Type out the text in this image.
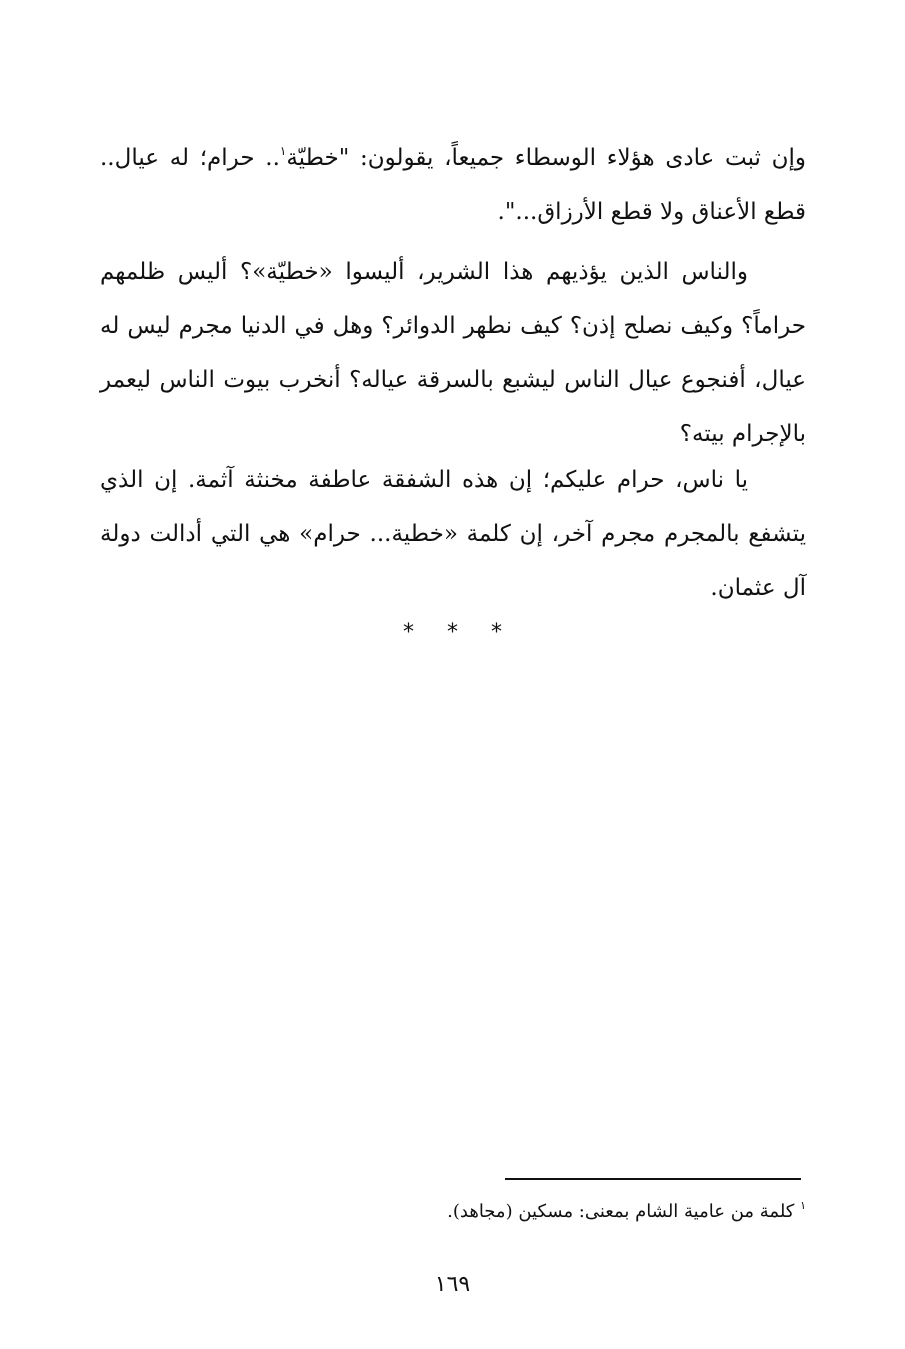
وإن ثبت عادى هؤلاء الوسطاء جميعاً، يقولون: "خطيّة$^١$.. حرام؛ له عيال.. قطع الأعناق ولا قطع الأرزاق...".

والناس الذين يؤذيهم هذا الشرير، أليسوا «خطيّة»؟ أليس ظلمهم حراماً؟ وكيف نصلح إذن؟ كيف نطهر الدوائر؟ وهل في الدنيا مجرم ليس له عيال، أفنجوع عيال الناس ليشبع بالسرقة عياله؟ أنخرب بيوت الناس ليعمر بالإجرام بيته؟

يا ناس، حرام عليكم؛ إن هذه الشفقة عاطفة مخنثة آثمة. إن الذي يتشفع بالمجرم مجرم آخر، إن كلمة «خطية... حرام» هي التي أدالت دولة آل عثمان.

* * *

$^١$ كلمة من عامية الشام بمعنى: مسكين (مجاهد).

١٦٩
